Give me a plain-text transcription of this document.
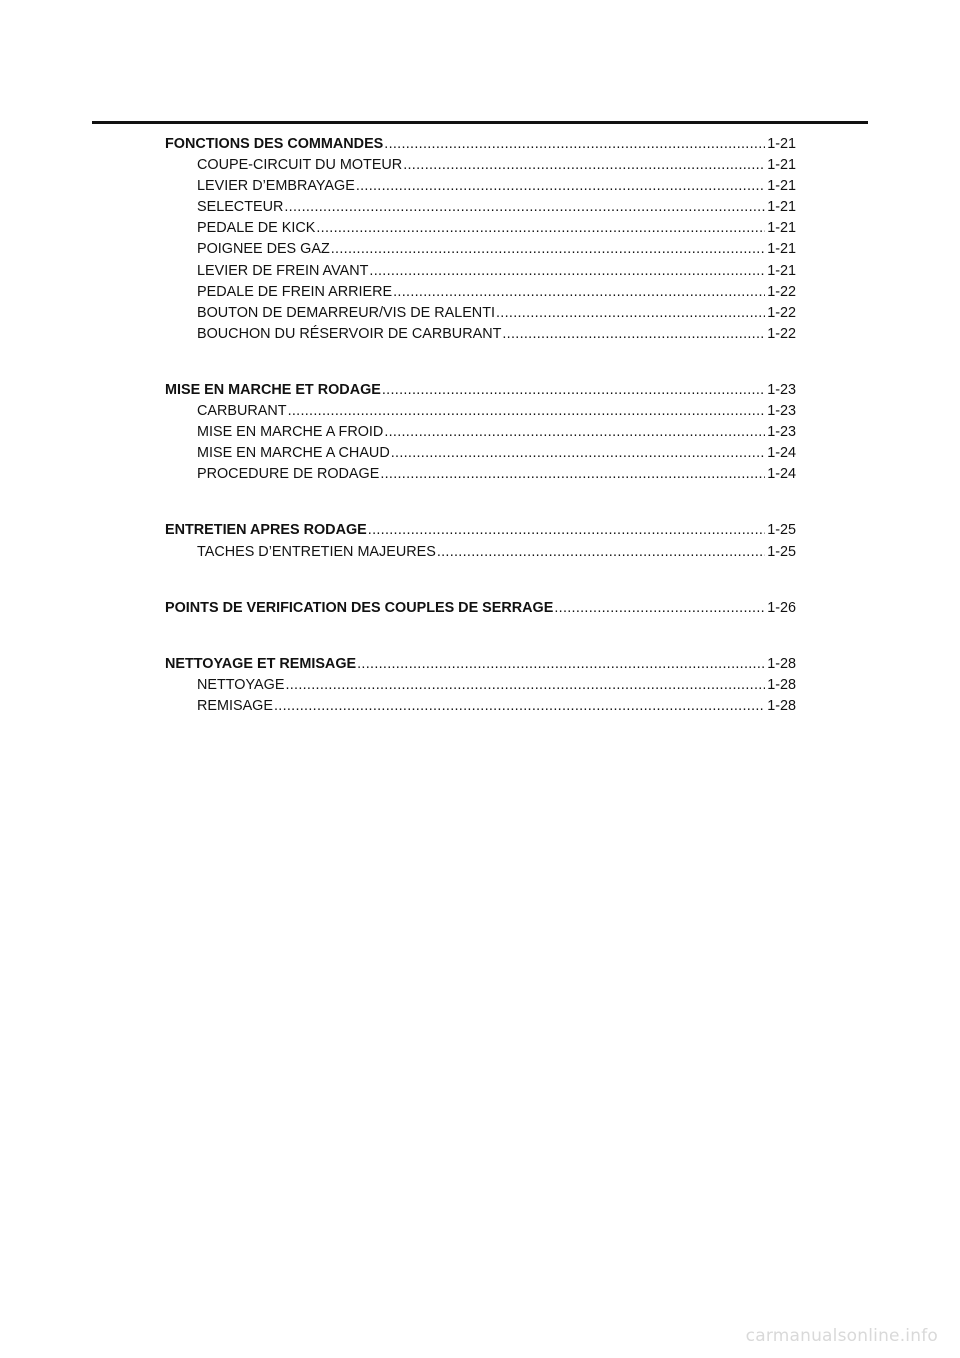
FONCTIONS DES COMMANDES .....	1-21
COUPE-CIRCUIT DU MOTEUR .....	1-21
LEVIER D’EMBRAYAGE .....	1-21
SELECTEUR .....	1-21
PEDALE DE KICK .....	1-21
POIGNEE DES GAZ .....	1-21
LEVIER DE FREIN AVANT .....	1-21
PEDALE DE FREIN ARRIERE .....	1-22
BOUTON DE DEMARREUR/VIS DE RALENTI .....	1-22
BOUCHON DU RÉSERVOIR DE CARBURANT .....	1-22
MISE EN MARCHE ET RODAGE .....	1-23
CARBURANT .....	1-23
MISE EN MARCHE A FROID .....	1-23
MISE EN MARCHE A CHAUD .....	1-24
PROCEDURE DE RODAGE .....	1-24
ENTRETIEN APRES RODAGE .....	1-25
TACHES D’ENTRETIEN MAJEURES .....	1-25
POINTS DE VERIFICATION DES COUPLES DE SERRAGE .....	1-26
NETTOYAGE ET REMISAGE .....	1-28
NETTOYAGE .....	1-28
REMISAGE .....	1-28
carmanualsonline.info
